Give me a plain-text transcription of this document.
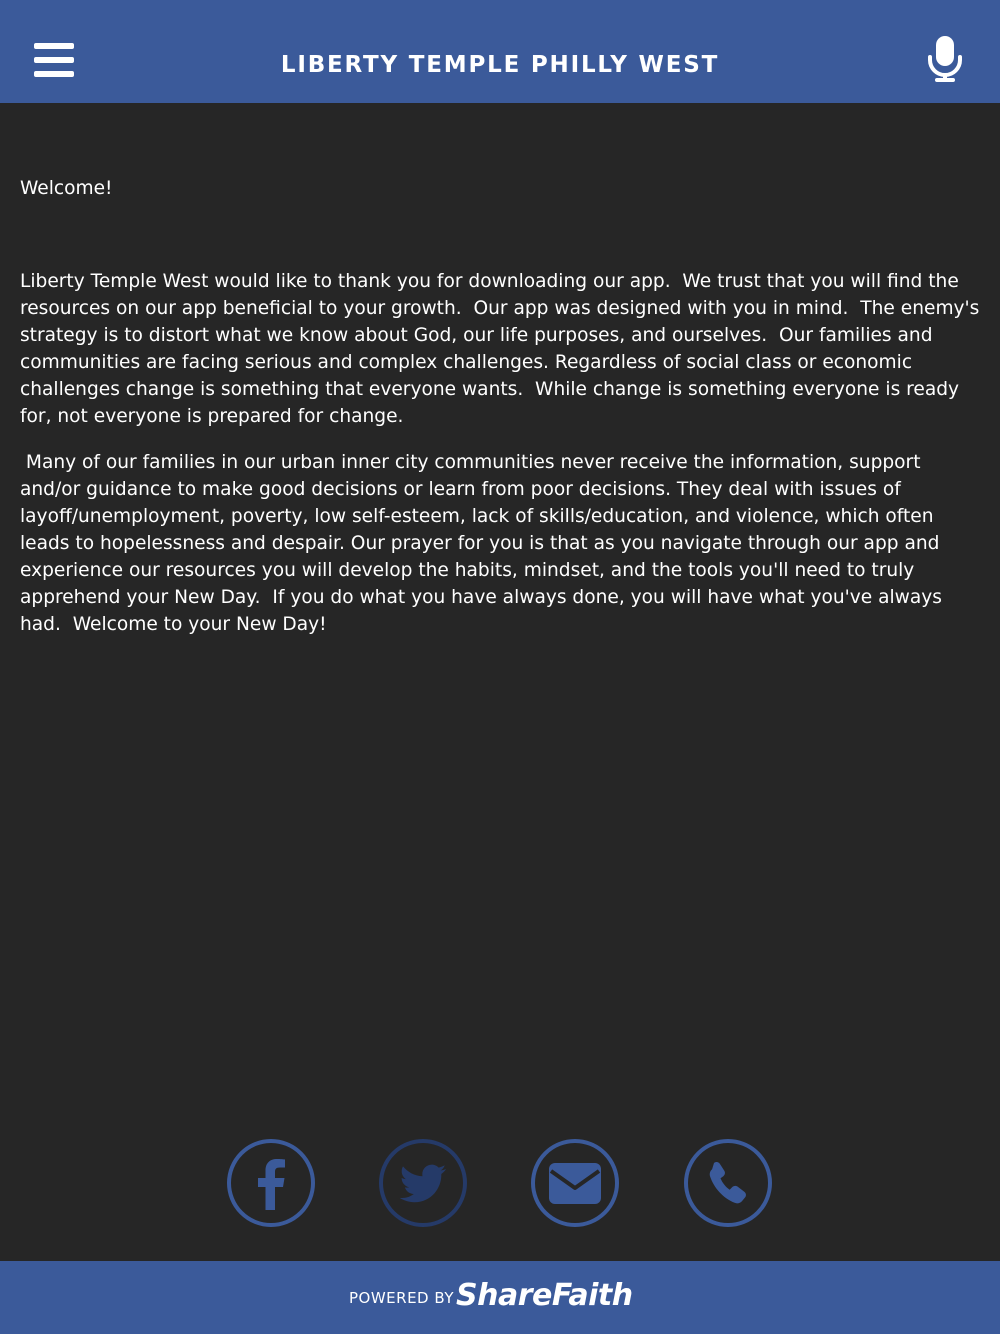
LIBERTY TEMPLE PHILLY WEST

Welcome!

Liberty Temple West would like to thank you for downloading our app.  We trust that you will find the resources on our app beneficial to your growth.  Our app was designed with you in mind.  The enemy's strategy is to distort what we know about God, our life purposes, and ourselves.  Our families and communities are facing serious and complex challenges. Regardless of social class or economic challenges change is something that everyone wants.  While change is something everyone is ready for, not everyone is prepared for change.

Many of our families in our urban inner city communities never receive the information, support and/or guidance to make good decisions or learn from poor decisions. They deal with issues of layoff/unemployment, poverty, low self-esteem, lack of skills/education, and violence, which often leads to hopelessness and despair. Our prayer for you is that as you navigate through our app and experience our resources you will develop the habits, mindset, and the tools you'll need to truly apprehend your New Day.  If you do what you have always done, you will have what you've always had.  Welcome to your New Day!

POWERED BY ShareFaith
